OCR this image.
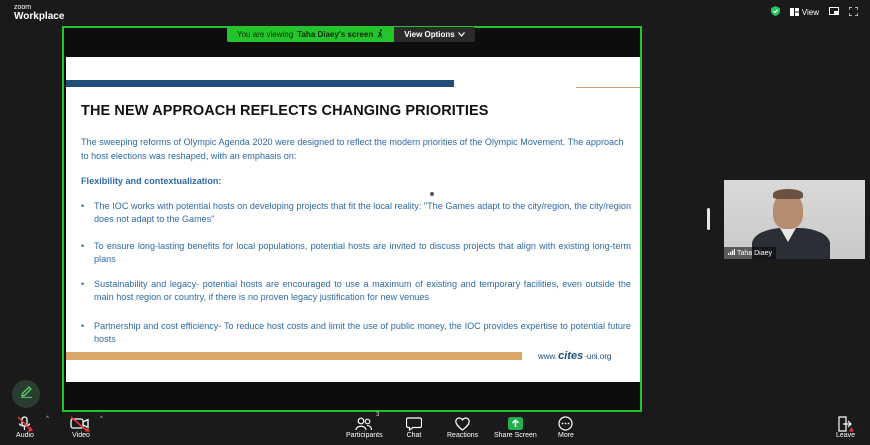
zoom
Workplace	View
You are viewing Taha Diaey's screen	View Options
THE NEW APPROACH REFLECTS CHANGING PRIORITIES
The sweeping reforms of Olympic Agenda 2020 were designed to reflect the modern priorities of the Olympic Movement. The approach to host elections was reshaped, with an emphasis on:
Flexibility and contextualization:
• The IOC works with potential hosts on developing projects that fit the local reality: "The Games adapt to the city/region, the city/region does not adapt to the Games"
• To ensure long-lasting benefits for local populations, potential hosts are invited to discuss projects that align with existing long-term plans
• Sustainability and legacy- potential hosts are encouraged to use a maximum of existing and temporary facilities, even outside the main host region or country, if there is no proven legacy justification for new venues
• Partnership and cost efficiency- To reduce host costs and limit the use of public money, the IOC provides expertise to potential future hosts
www. cites -uni.org
Taha Diaey
Audio
^
Video
^
3
Participants	Chat	Reactions Share Screen	More	Leave
